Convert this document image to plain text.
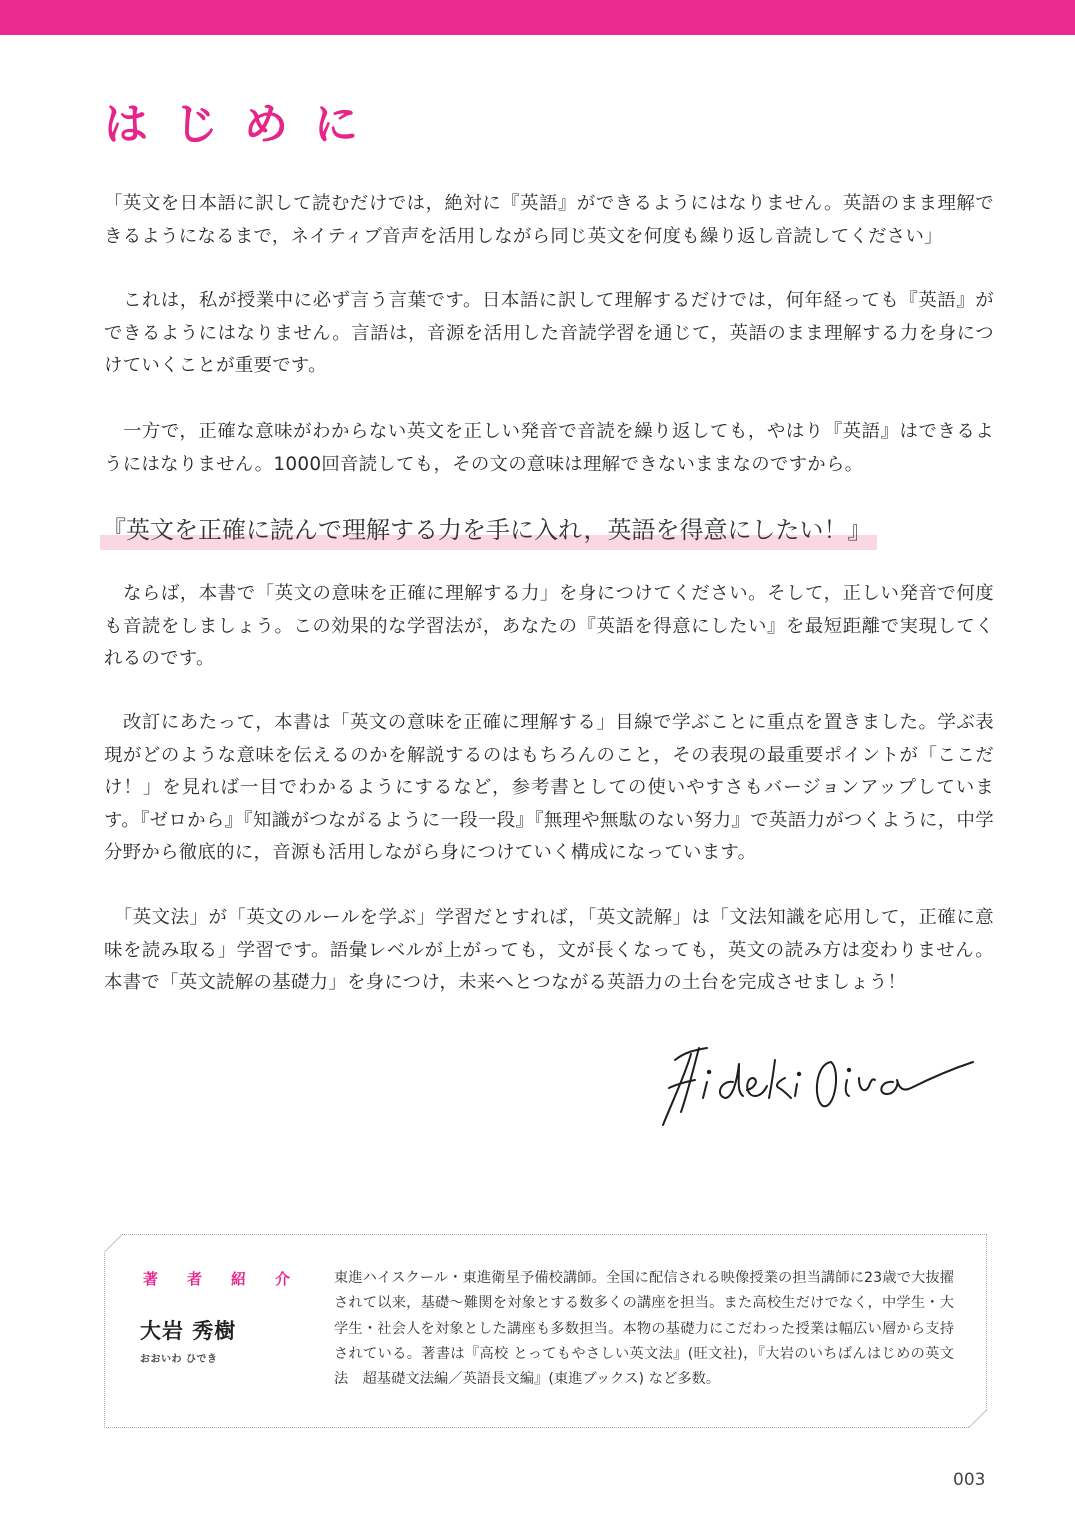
はじめに

「英文を日本語に訳して読むだけでは，絶対に『英語』ができるようにはなりません。英語のまま理解できるようになるまで，ネイティブ音声を活用しながら同じ英文を何度も繰り返し音読してください」

　これは，私が授業中に必ず言う言葉です。日本語に訳して理解するだけでは，何年経っても『英語』ができるようにはなりません。言語は，音源を活用した音読学習を通じて，英語のまま理解する力を身につけていくことが重要です。

　一方で，正確な意味がわからない英文を正しい発音で音読を繰り返しても，やはり『英語』はできるようにはなりません。1000回音読しても，その文の意味は理解できないままなのですから。

『英文を正確に読んで理解する力を手に入れ，英語を得意にしたい！』

　ならば，本書で「英文の意味を正確に理解する力」を身につけてください。そして，正しい発音で何度も音読をしましょう。この効果的な学習法が，あなたの『英語を得意にしたい』を最短距離で実現してくれるのです。

　改訂にあたって，本書は「英文の意味を正確に理解する」目線で学ぶことに重点を置きました。学ぶ表現がどのような意味を伝えるのかを解説するのはもちろんのこと，その表現の最重要ポイントが「ここだけ！」を見れば一目でわかるようにするなど，参考書としての使いやすさもバージョンアップしています。『ゼロから』『知識がつながるように一段一段』『無理や無駄のない努力』で英語力がつくように，中学分野から徹底的に，音源も活用しながら身につけていく構成になっています。

　「英文法」が「英文のルールを学ぶ」学習だとすれば，「英文読解」は「文法知識を応用して，正確に意味を読み取る」学習です。語彙レベルが上がっても，文が長くなっても，英文の読み方は変わりません。本書で「英文読解の基礎力」を身につけ，未来へとつながる英語力の土台を完成させましょう！

著者紹介

大岩 秀樹

おおいわ ひでき

東進ハイスクール・東進衛星予備校講師。全国に配信される映像授業の担当講師に23歳で大抜擢されて以来，基礎～難関を対象とする数多くの講座を担当。また高校生だけでなく，中学生・大学生・社会人を対象とした講座も多数担当。本物の基礎力にこだわった授業は幅広い層から支持されている。著書は『高校 とってもやさしい英文法』(旺文社)，『大岩のいちばんはじめの英文法　超基礎文法編／英語長文編』(東進ブックス) など多数。

003
